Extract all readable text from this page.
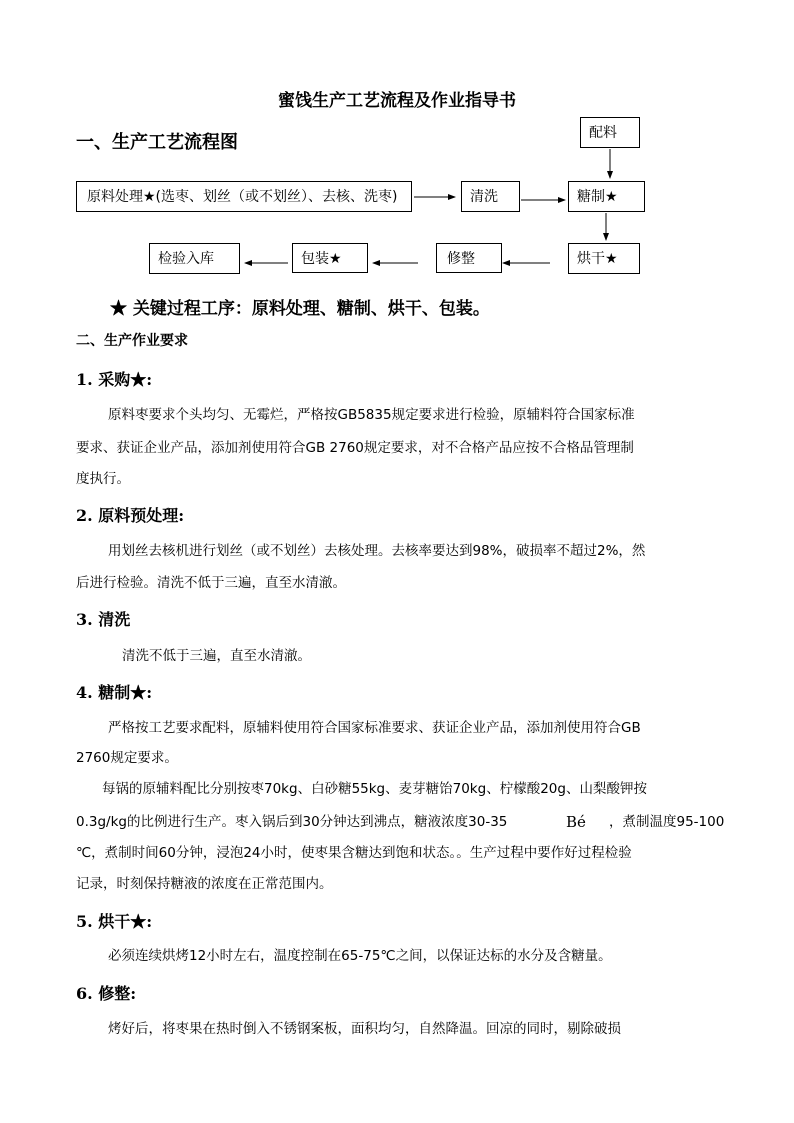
蜜饯生产工艺流程及作业指导书
一、生产工艺流程图	配料
原料处理★(选枣、划丝（或不划丝）、去核、洗枣)	清洗	糖制★
烘干★
修整
包装★
检验入库
★ 关键过程工序：原料处理、糖制、烘干、包装。
二、生产作业要求
1. 采购★:
原料枣要求个头均匀、无霉烂，严格按GB5835规定要求进行检验，原辅料符合国家标准
要求、获证企业产品，添加剂使用符合GB 2760规定要求，对不合格产品应按不合格品管理制
度执行。
2. 原料预处理:
用划丝去核机进行划丝（或不划丝）去核处理。去核率要达到98%，破损率不超过2%，然
后进行检验。清洗不低于三遍，直至水清澈。
3. 清洗
清洗不低于三遍，直至水清澈。
4. 糖制★:
严格按工艺要求配料，原辅料使用符合国家标准要求、获证企业产品，添加剂使用符合GB
2760规定要求。
每锅的原辅料配比分别按枣70kg、白砂糖55kg、麦芽糖饴70kg、柠檬酸20g、山梨酸钾按
0.3g/kg的比例进行生产。枣入锅后到30分钟达到沸点，糖液浓度30-35	Bé ，煮制温度95-100
℃，煮制时间60分钟，浸泡24小时，使枣果含糖达到饱和状态。。生产过程中要作好过程检验
记录，时刻保持糖液的浓度在正常范围内。
5. 烘干★:
必须连续烘烤12小时左右，温度控制在65-75℃之间，以保证达标的水分及含糖量。
6. 修整:
烤好后，将枣果在热时倒入不锈钢案板，面积均匀，自然降温。回凉的同时，剔除破损
